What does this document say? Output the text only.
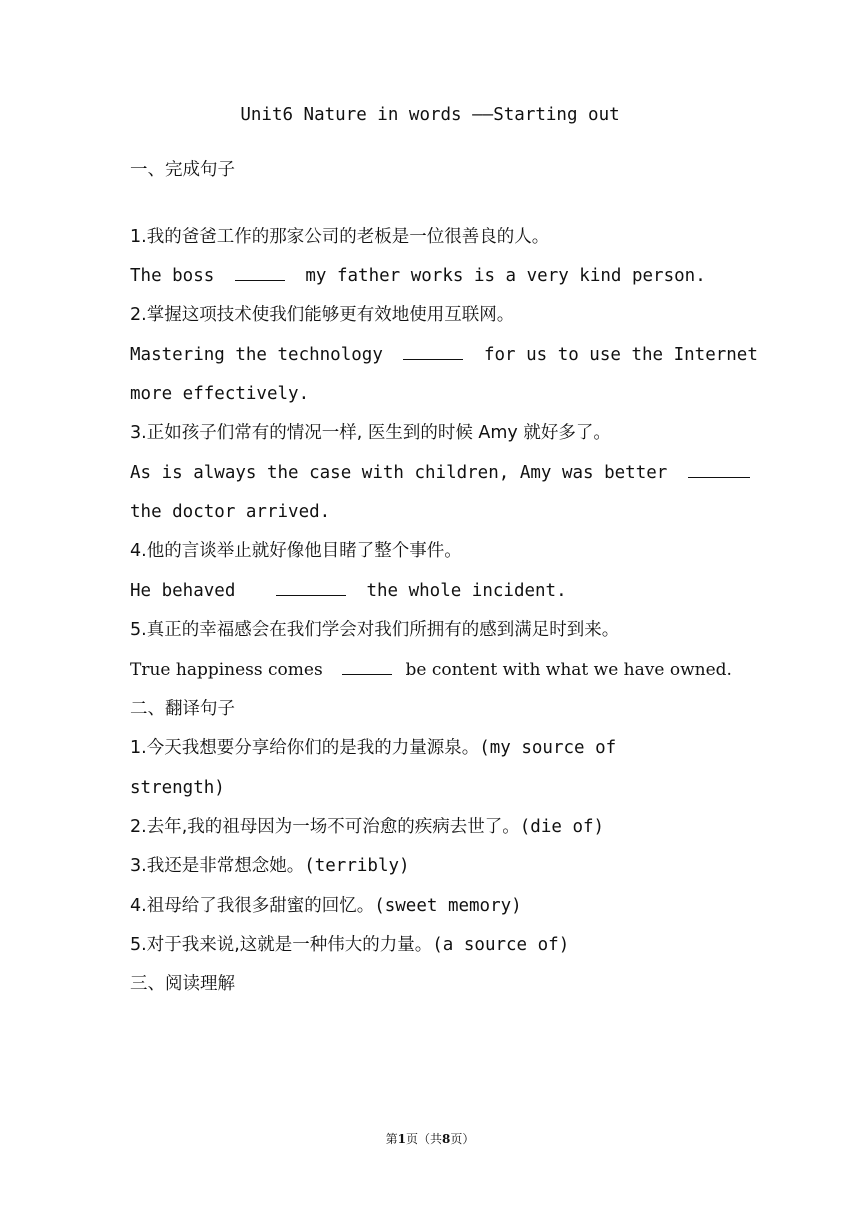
Unit6 Nature in words ——Starting out
一、完成句子
1.我的爸爸工作的那家公司的老板是一位很善良的人。
The boss	my father works is a very kind person.
2.掌握这项技术使我们能够更有效地使用互联网。
Mastering the technology	for us to use the Internet
more effectively.
3.正如孩子们常有的情况一样, 医生到的时候 Amy 就好多了。
As is always the case with children, Amy was better
the doctor arrived.
4.他的言谈举止就好像他目睹了整个事件。
He behaved	the whole incident.
5.真正的幸福感会在我们学会对我们所拥有的感到满足时到来。
True happiness comes	be content with what we have owned.
二、翻译句子
1.今天我想要分享给你们的是我的力量源泉。(my source of
strength)
2.去年,我的祖母因为一场不可治愈的疾病去世了。(die of)
3.我还是非常想念她。(terribly)
4.祖母给了我很多甜蜜的回忆。(sweet memory)
5.对于我来说,这就是一种伟大的力量。(a source of)
三、阅读理解
第1页（共8页）
